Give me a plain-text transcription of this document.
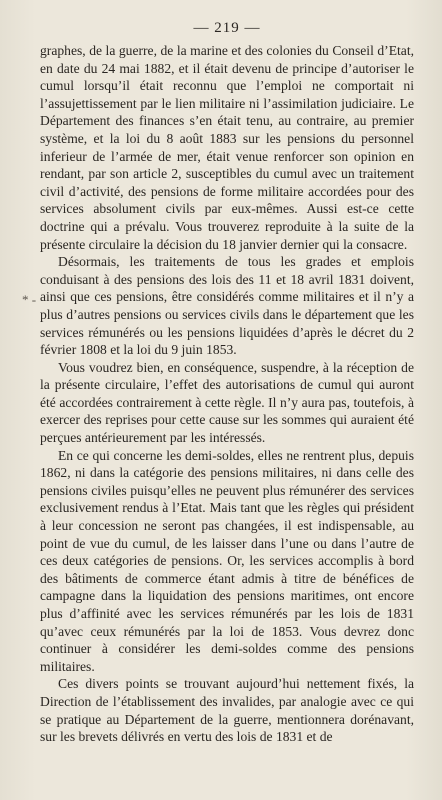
— 219 —
* -

graphes, de la guerre, de la marine et des colonies du Conseil d’Etat, en date du 24 mai 1882, et il était devenu de principe d’autoriser le cumul lorsqu’il était reconnu que l’emploi ne comportait ni l’assujettissement par le lien militaire ni l’assimilation judiciaire. Le Département des finances s’en était tenu, au contraire, au premier système, et la loi du 8 août 1883 sur les pensions du personnel inferieur de l’armée de mer, était venue renforcer son opinion en rendant, par son article 2, susceptibles du cumul avec un traitement civil d’activité, des pensions de forme militaire accordées pour des services absolument civils par eux-mêmes. Aussi est-ce cette doctrine qui a prévalu. Vous trouverez reproduite à la suite de la présente circulaire la décision du 18 janvier dernier qui la consacre.

Désormais, les traitements de tous les grades et emplois conduisant à des pensions des lois des 11 et 18 avril 1831 doivent, ainsi que ces pensions, être considérés comme militaires et il n’y a plus d’autres pensions ou services civils dans le département que les services rémunérés ou les pensions liquidées d’après le décret du 2 février 1808 et la loi du 9 juin 1853.

Vous voudrez bien, en conséquence, suspendre, à la réception de la présente circulaire, l’effet des autorisations de cumul qui auront été accordées contrairement à cette règle. Il n’y aura pas, toutefois, à exercer des reprises pour cette cause sur les sommes qui auraient été perçues antérieurement par les intéressés.

En ce qui concerne les demi-soldes, elles ne rentrent plus, depuis 1862, ni dans la catégorie des pensions militaires, ni dans celle des pensions civiles puisqu’elles ne peuvent plus rémunérer des services exclusivement rendus à l’Etat. Mais tant que les règles qui président à leur concession ne seront pas changées, il est indispensable, au point de vue du cumul, de les laisser dans l’une ou dans l’autre de ces deux catégories de pensions. Or, les services accomplis à bord des bâtiments de commerce étant admis à titre de bénéfices de campagne dans la liquidation des pensions maritimes, ont encore plus d’affinité avec les services rémunérés par les lois de 1831 qu’avec ceux rémunérés par la loi de 1853. Vous devrez donc continuer à considérer les demi-soldes comme des pensions militaires.

Ces divers points se trouvant aujourd’hui nettement fixés, la Direction de l’établissement des invalides, par analogie avec ce qui se pratique au Département de la guerre, mentionnera dorénavant, sur les brevets délivrés en vertu des lois de 1831 et de
